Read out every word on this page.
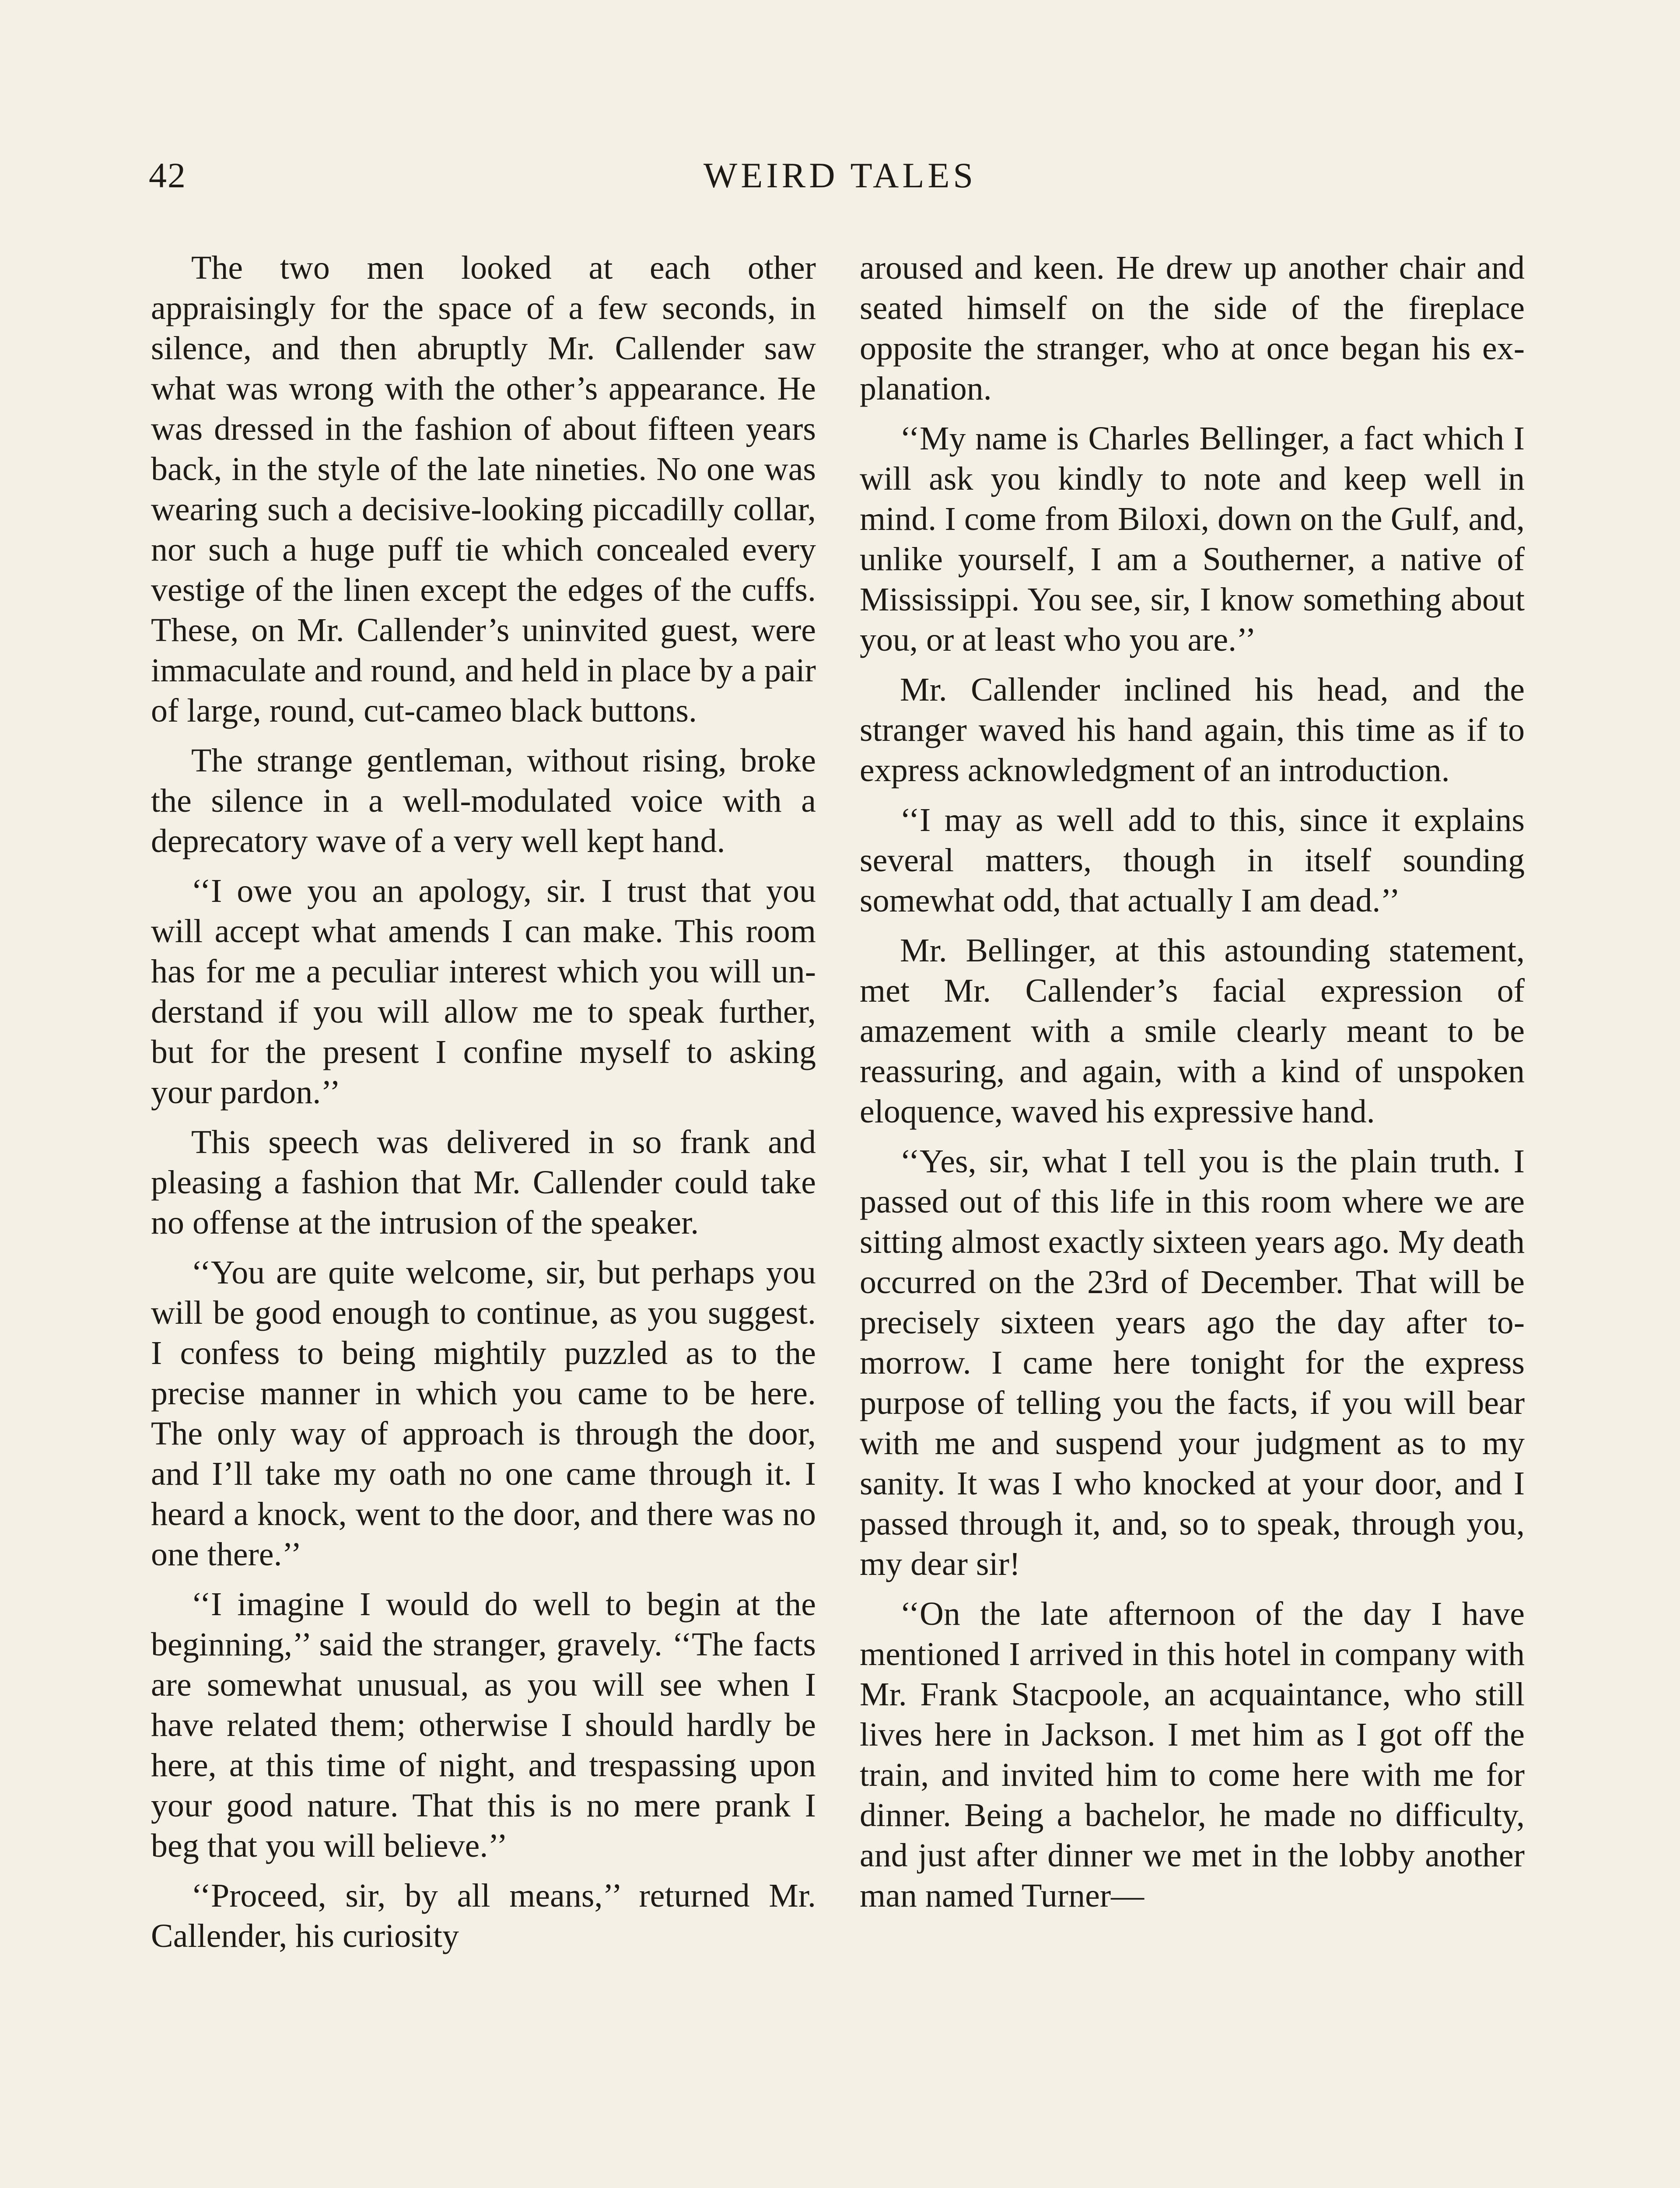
42	WEIRD TALES

The two men looked at each other appraisingly for the space of a few seconds, in silence, and then abruptly Mr. Callender saw what was wrong with the other’s appearance. He was dressed in the fashion of about fifteen years back, in the style of the late nineties. No one was wearing such a decisive-looking piccadilly collar, nor such a huge puff tie which concealed every vestige of the linen except the edges of the cuffs. These, on Mr. Callender’s uninvited guest, were immaculate and round, and held in place by a pair of large, round, cut-cameo black buttons.

The strange gentleman, without rising, broke the silence in a well-modulated voice with a deprecatory wave of a very well kept hand.

‘‘I owe you an apology, sir. I trust that you will accept what amends I can make. This room has for me a peculiar interest which you will understand if you will allow me to speak further, but for the present I confine myself to asking your pardon.’’

This speech was delivered in so frank and pleasing a fashion that Mr. Callender could take no offense at the intrusion of the speaker.

‘‘You are quite welcome, sir, but perhaps you will be good enough to continue, as you suggest. I confess to being mightily puzzled as to the precise manner in which you came to be here. The only way of approach is through the door, and I’ll take my oath no one came through it. I heard a knock, went to the door, and there was no one there.’’

‘‘I imagine I would do well to begin at the beginning,’’ said the stranger, gravely. ‘‘The facts are somewhat unusual, as you will see when I have related them; otherwise I should hardly be here, at this time of night, and trespassing upon your good nature. That this is no mere prank I beg that you will believe.’’

‘‘Proceed, sir, by all means,’’ returned Mr. Callender, his curiosity

aroused and keen. He drew up another chair and seated himself on the side of the fireplace opposite the stranger, who at once began his explanation.

‘‘My name is Charles Bellinger, a fact which I will ask you kindly to note and keep well in mind. I come from Biloxi, down on the Gulf, and, unlike yourself, I am a Southerner, a native of Mississippi. You see, sir, I know something about you, or at least who you are.’’

Mr. Callender inclined his head, and the stranger waved his hand again, this time as if to express acknowledgment of an introduction.

‘‘I may as well add to this, since it explains several matters, though in itself sounding somewhat odd, that actually I am dead.’’

Mr. Bellinger, at this astounding statement, met Mr. Callender’s facial expression of amazement with a smile clearly meant to be reassuring, and again, with a kind of unspoken eloquence, waved his expressive hand.

‘‘Yes, sir, what I tell you is the plain truth. I passed out of this life in this room where we are sitting almost exactly sixteen years ago. My death occurred on the 23rd of December. That will be precisely sixteen years ago the day after tomorrow. I came here tonight for the express purpose of telling you the facts, if you will bear with me and suspend your judgment as to my sanity. It was I who knocked at your door, and I passed through it, and, so to speak, through you, my dear sir!

‘‘On the late afternoon of the day I have mentioned I arrived in this hotel in company with Mr. Frank Stacpoole, an acquaintance, who still lives here in Jackson. I met him as I got off the train, and invited him to come here with me for dinner. Being a bachelor, he made no difficulty, and just after dinner we met in the lobby another man named Turner—
